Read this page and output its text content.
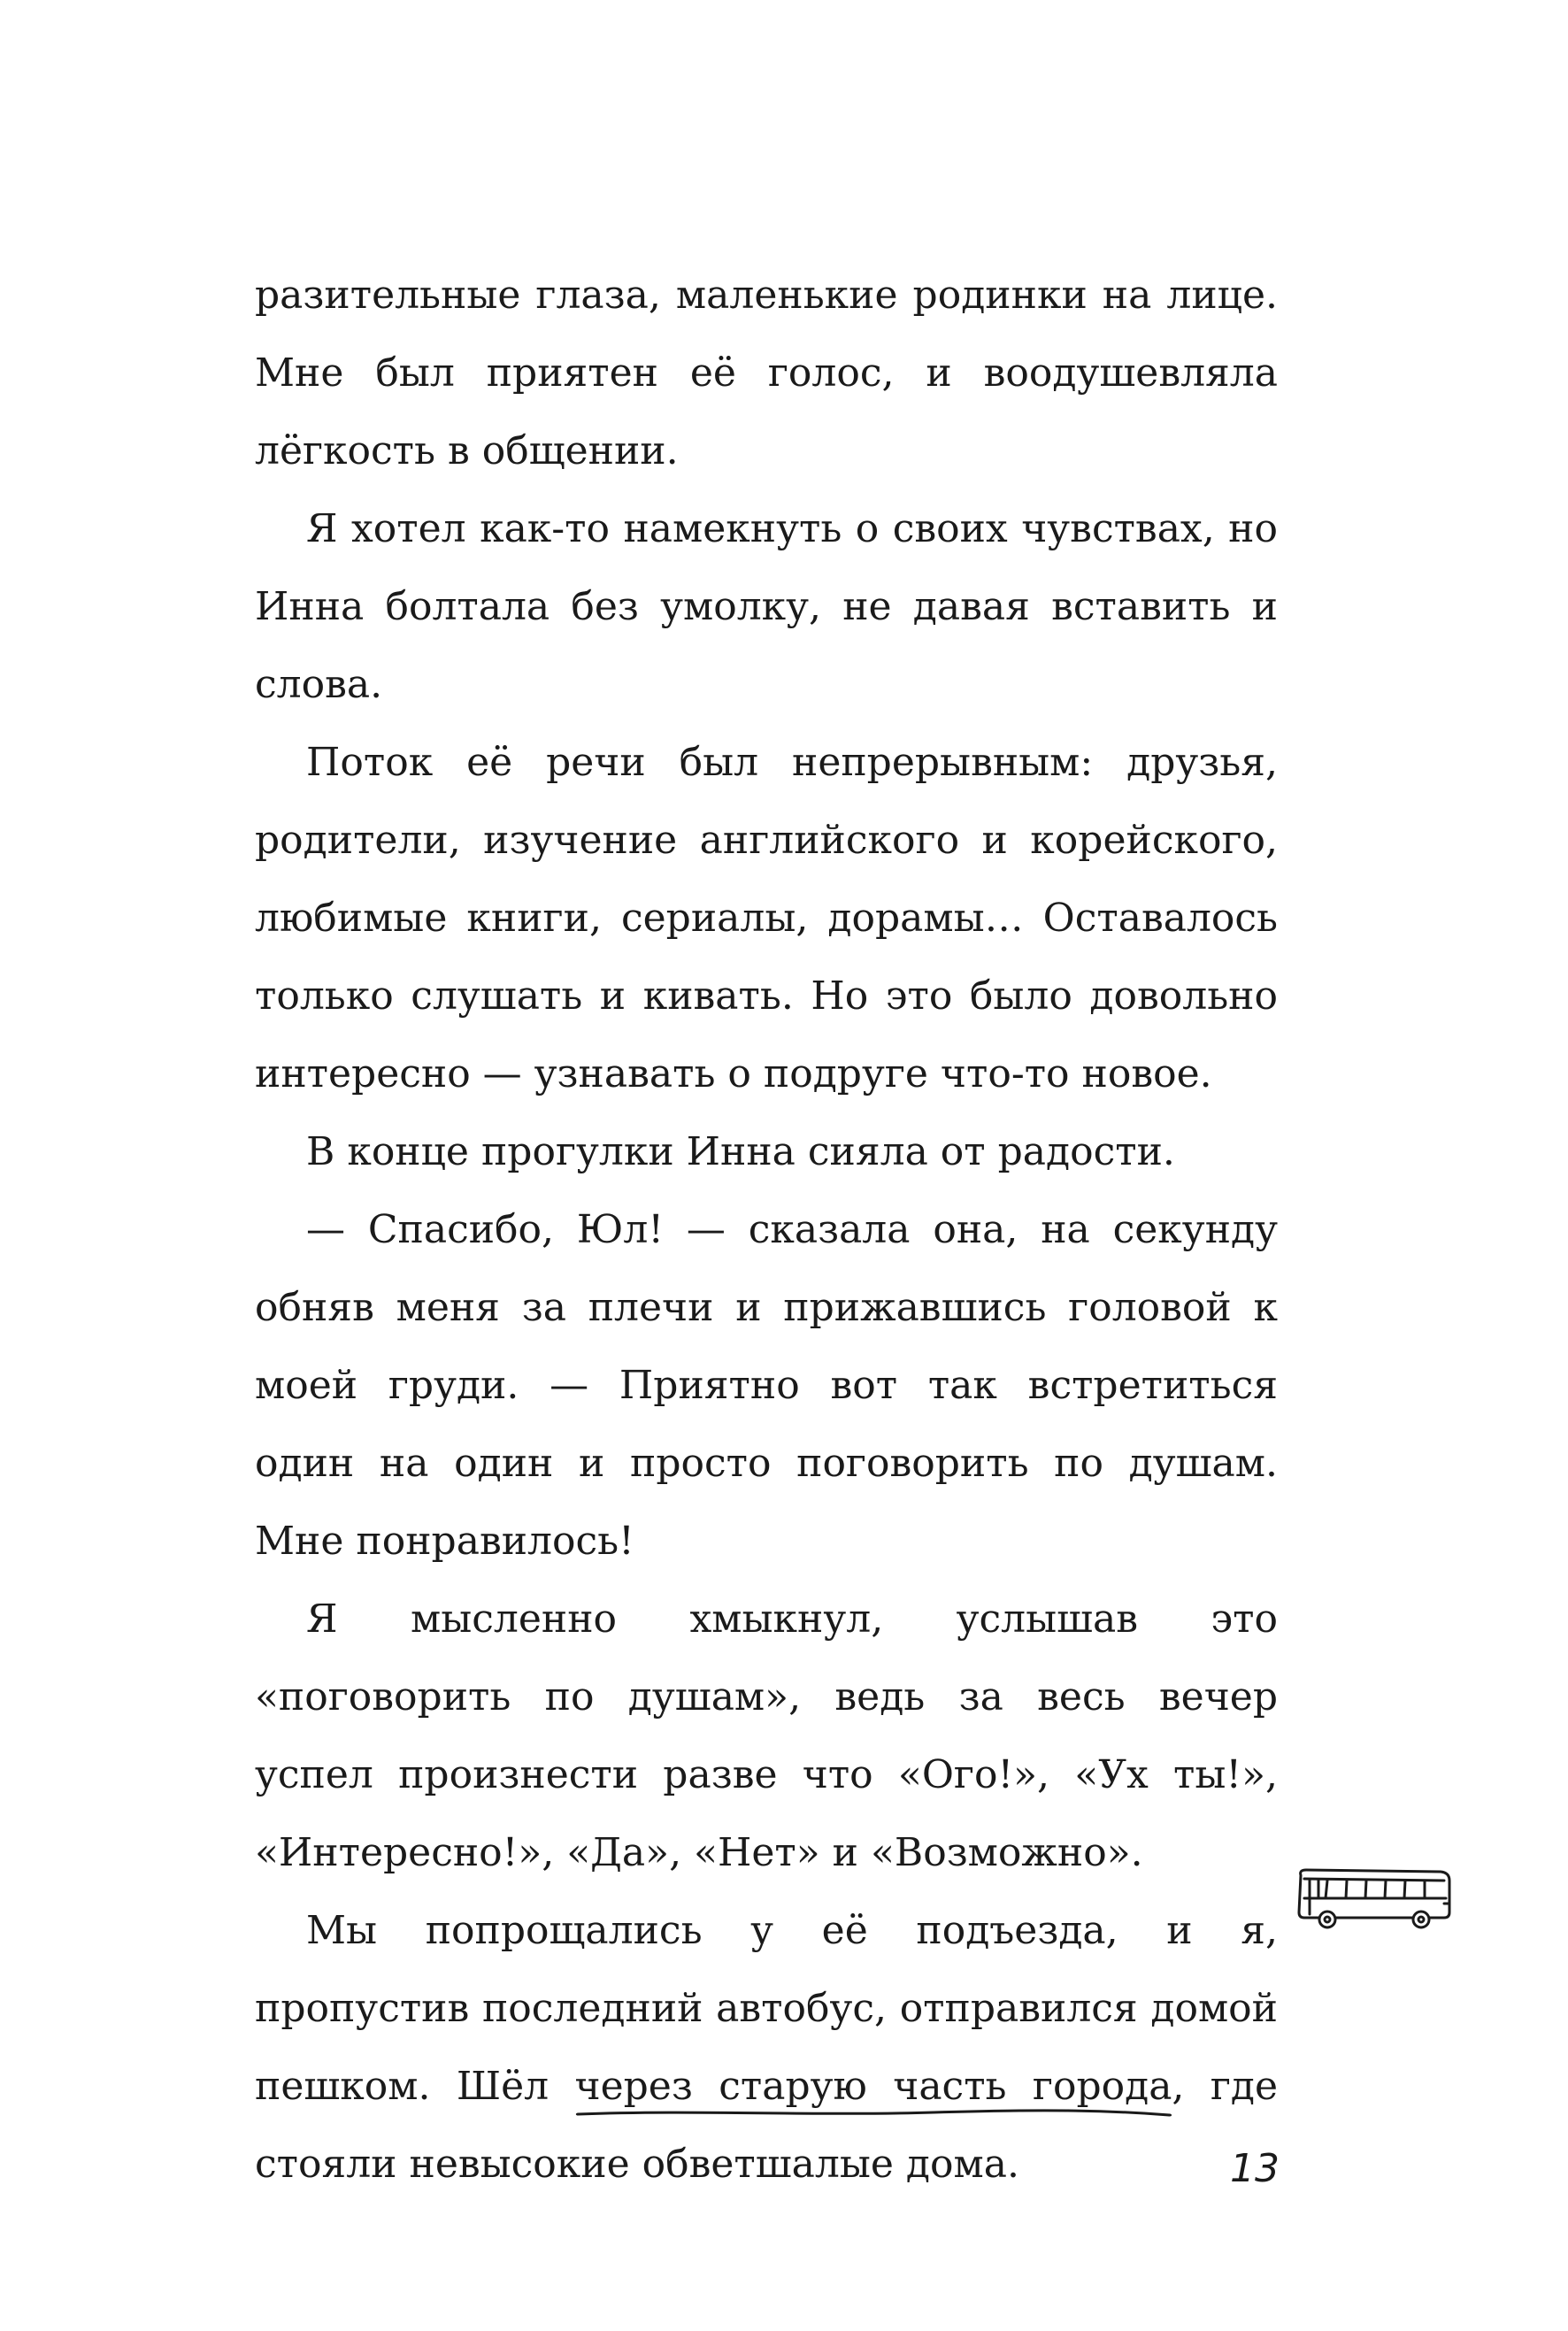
разительные глаза, маленькие родинки на лице. Мне был приятен её голос, и воодушевляла лёгкость в общении.

Я хотел как-то намекнуть о своих чувствах, но Инна болтала без умолку, не давая вставить и слова.

Поток её речи был непрерывным: друзья, родители, изучение английского и корейского, любимые книги, сериалы, дорамы… Оставалось только слушать и кивать. Но это было довольно интересно — узнавать о подруге что-то новое.

В конце прогулки Инна сияла от радости.

— Спасибо, Юл! — сказала она, на секунду обняв меня за плечи и прижавшись головой к моей груди. — Приятно вот так встретиться один на один и просто поговорить по душам. Мне понравилось!

Я мысленно хмыкнул, услышав это «поговорить по душам», ведь за весь вечер успел произнести разве что «Ого!», «Ух ты!», «Интересно!», «Да», «Нет» и «Возможно».

Мы попрощались у её подъезда, и я, пропустив последний автобус, отправился домой пешком. Шёл через старую часть города
, где стояли невысокие обветшалые дома.	13
